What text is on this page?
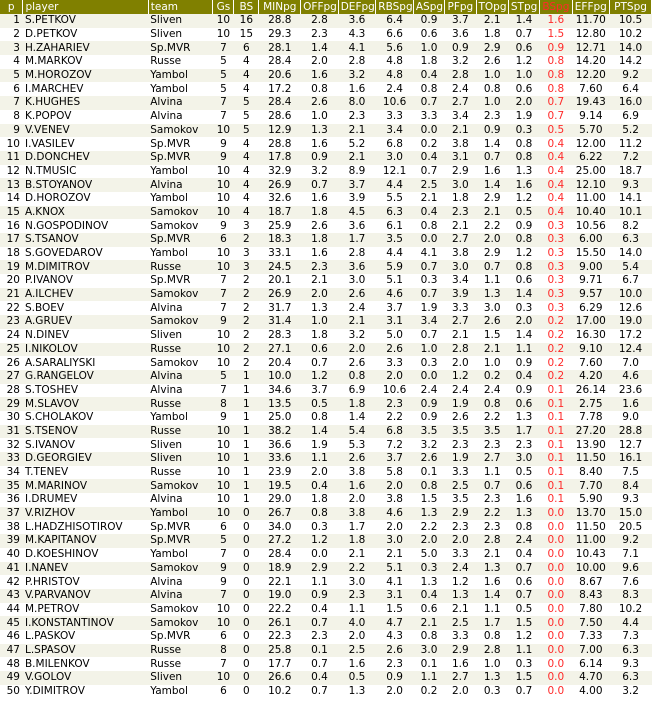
p	player	team	Gs	BS	MINpg	OFFpg	DEFpg	RBSpg	ASpg	PFpg	TOpg	STpg	BSpg	EFFpg	PTSpg
1	S.PETKOV	Sliven	10	16	28.8	2.8	3.6	6.4	0.9	3.7	2.1	1.4	1.6	11.70	10.5
2	D.PETKOV	Sliven	10	15	29.3	2.3	4.3	6.6	0.6	3.6	1.8	0.7	1.5	12.80	10.2
3	H.ZAHARIEV	Sp.MVR	7	6	28.1	1.4	4.1	5.6	1.0	0.9	2.9	0.6	0.9	12.71	14.0
4	M.MARKOV	Russe	5	4	28.4	2.0	2.8	4.8	1.8	3.2	2.6	1.2	0.8	14.20	14.2
5	M.HOROZOV	Yambol	5	4	20.6	1.6	3.2	4.8	0.4	2.8	1.0	1.0	0.8	12.20	9.2
6	I.MARCHEV	Yambol	5	4	17.2	0.8	1.6	2.4	0.8	2.4	0.8	0.6	0.8	7.60	6.4
7	K.HUGHES	Alvina	7	5	28.4	2.6	8.0	10.6	0.7	2.7	1.0	2.0	0.7	19.43	16.0
8	K.POPOV	Alvina	7	5	28.6	1.0	2.3	3.3	3.3	3.4	2.3	1.9	0.7	9.14	6.9
9	V.VENEV	Samokov	10	5	12.9	1.3	2.1	3.4	0.0	2.1	0.9	0.3	0.5	5.70	5.2
10	I.VASILEV	Sp.MVR	9	4	28.8	1.6	5.2	6.8	0.2	3.8	1.4	0.8	0.4	12.00	11.2
11	D.DONCHEV	Sp.MVR	9	4	17.8	0.9	2.1	3.0	0.4	3.1	0.7	0.8	0.4	6.22	7.2
12	N.TMUSIC	Yambol	10	4	32.9	3.2	8.9	12.1	0.7	2.9	1.6	1.3	0.4	25.00	18.7
13	B.STOYANOV	Alvina	10	4	26.9	0.7	3.7	4.4	2.5	3.0	1.4	1.6	0.4	12.10	9.3
14	D.HOROZOV	Yambol	10	4	32.6	1.6	3.9	5.5	2.1	1.8	2.9	1.2	0.4	11.00	14.1
15	A.KNOX	Samokov	10	4	18.7	1.8	4.5	6.3	0.4	2.3	2.1	0.5	0.4	10.40	10.1
16	N.GOSPODINOV	Samokov	9	3	25.9	2.6	3.6	6.1	0.8	2.1	2.2	0.9	0.3	10.56	8.2
17	S.TSANOV	Sp.MVR	6	2	18.3	1.8	1.7	3.5	0.0	2.7	2.0	0.8	0.3	6.00	6.3
18	S.GOVEDAROV	Yambol	10	3	33.1	1.6	2.8	4.4	4.1	3.8	2.9	1.2	0.3	15.50	14.0
19	M.DIMITROV	Russe	10	3	24.5	2.3	3.6	5.9	0.7	3.0	0.7	0.8	0.3	9.00	5.4
20	P.IVANOV	Sp.MVR	7	2	20.1	2.1	3.0	5.1	0.3	3.4	1.1	0.6	0.3	9.71	6.7
21	A.ILCHEV	Samokov	7	2	26.9	2.0	2.6	4.6	0.7	3.9	1.3	1.4	0.3	9.57	10.0
22	S.BOEV	Alvina	7	2	31.7	1.3	2.4	3.7	1.9	3.3	3.0	0.3	0.3	6.29	12.6
23	A.GRUEV	Samokov	9	2	31.4	1.0	2.1	3.1	3.4	2.7	2.6	2.0	0.2	17.00	19.0
24	N.DINEV	Sliven	10	2	28.3	1.8	3.2	5.0	0.7	2.1	1.5	1.4	0.2	16.30	17.2
25	I.NIKOLOV	Russe	10	2	27.1	0.6	2.0	2.6	1.0	2.8	2.1	1.1	0.2	9.10	12.4
26	A.SARALIYSKI	Samokov	10	2	20.4	0.7	2.6	3.3	0.3	2.0	1.0	0.9	0.2	7.60	7.0
27	G.RANGELOV	Alvina	5	1	10.0	1.2	0.8	2.0	0.0	1.2	0.2	0.4	0.2	4.20	4.6
28	S.TOSHEV	Alvina	7	1	34.6	3.7	6.9	10.6	2.4	2.4	2.4	0.9	0.1	26.14	23.6
29	M.SLAVOV	Russe	8	1	13.5	0.5	1.8	2.3	0.9	1.9	0.8	0.6	0.1	2.75	1.6
30	S.CHOLAKOV	Yambol	9	1	25.0	0.8	1.4	2.2	0.9	2.6	2.2	1.3	0.1	7.78	9.0
31	S.TSENOV	Russe	10	1	38.2	1.4	5.4	6.8	3.5	3.5	3.5	1.7	0.1	27.20	28.8
32	S.IVANOV	Sliven	10	1	36.6	1.9	5.3	7.2	3.2	2.3	2.3	2.3	0.1	13.90	12.7
33	D.GEORGIEV	Sliven	10	1	33.6	1.1	2.6	3.7	2.6	1.9	2.7	3.0	0.1	11.50	16.1
34	T.TENEV	Russe	10	1	23.9	2.0	3.8	5.8	0.1	3.3	1.1	0.5	0.1	8.40	7.5
35	M.MARINOV	Samokov	10	1	19.5	0.4	1.6	2.0	0.8	2.5	0.7	0.6	0.1	7.70	8.4
36	I.DRUMEV	Alvina	10	1	29.0	1.8	2.0	3.8	1.5	3.5	2.3	1.6	0.1	5.90	9.3
37	V.RIZHOV	Yambol	10	0	26.7	0.8	3.8	4.6	1.3	2.9	2.2	1.3	0.0	13.70	15.0
38	L.HADZHISOTIROV	Sp.MVR	6	0	34.0	0.3	1.7	2.0	2.2	2.3	2.3	0.8	0.0	11.50	20.5
39	M.KAPITANOV	Sp.MVR	5	0	27.2	1.2	1.8	3.0	2.0	2.0	2.8	2.4	0.0	11.00	9.2
40	D.KOESHINOV	Yambol	7	0	28.4	0.0	2.1	2.1	5.0	3.3	2.1	0.4	0.0	10.43	7.1
41	I.NANEV	Samokov	9	0	18.9	2.9	2.2	5.1	0.3	2.4	1.3	0.7	0.0	10.00	9.6
42	P.HRISTOV	Alvina	9	0	22.1	1.1	3.0	4.1	1.3	1.2	1.6	0.6	0.0	8.67	7.6
43	V.PARVANOV	Alvina	7	0	19.0	0.9	2.3	3.1	0.4	1.3	1.4	0.7	0.0	8.43	8.3
44	M.PETROV	Samokov	10	0	22.2	0.4	1.1	1.5	0.6	2.1	1.1	0.5	0.0	7.80	10.2
45	I.KONSTANTINOV	Samokov	10	0	26.1	0.7	4.0	4.7	2.1	2.5	1.7	1.5	0.0	7.50	4.4
46	L.PASKOV	Sp.MVR	6	0	22.3	2.3	2.0	4.3	0.8	3.3	0.8	1.2	0.0	7.33	7.3
47	L.SPASOV	Russe	8	0	25.8	0.1	2.5	2.6	3.0	2.9	2.8	1.1	0.0	7.00	6.3
48	B.MILENKOV	Russe	7	0	17.7	0.7	1.6	2.3	0.1	1.6	1.0	0.3	0.0	6.14	9.3
49	V.GOLOV	Sliven	10	0	26.6	0.4	0.5	0.9	1.1	2.7	1.3	1.5	0.0	4.70	6.3
50	Y.DIMITROV	Yambol	6	0	10.2	0.7	1.3	2.0	0.2	2.0	0.3	0.7	0.0	4.00	3.2
